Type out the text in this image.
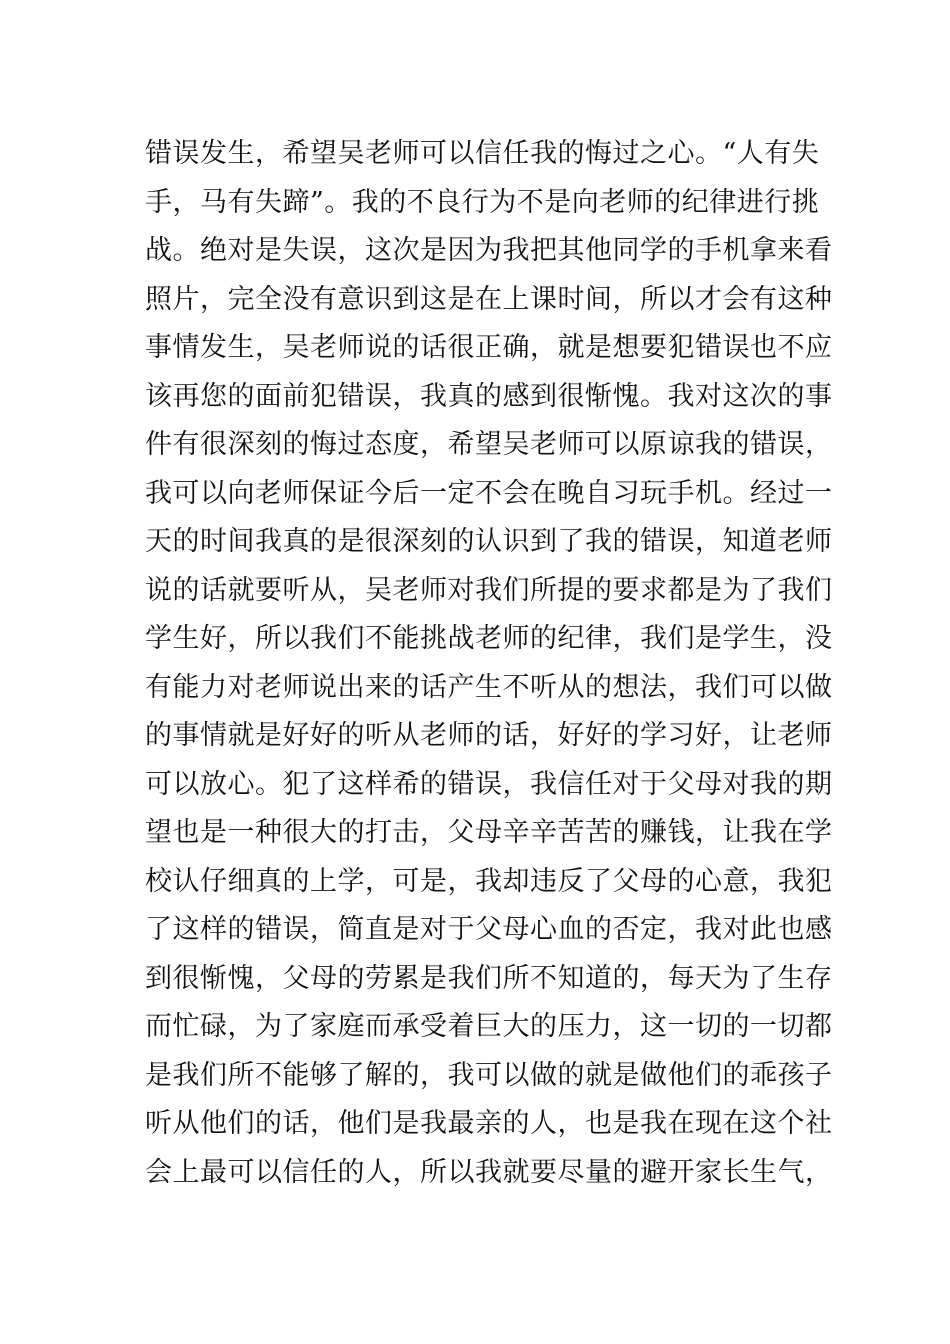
错误发生，希望吴老师可以信任我的悔过之心。“人有失
手，马有失蹄”。我的不良行为不是向老师的纪律进行挑
战。绝对是失误，这次是因为我把其他同学的手机拿来看
照片，完全没有意识到这是在上课时间，所以才会有这种
事情发生，吴老师说的话很正确，就是想要犯错误也不应
该再您的面前犯错误，我真的感到很惭愧。我对这次的事
件有很深刻的悔过态度，希望吴老师可以原谅我的错误，
我可以向老师保证今后一定不会在晚自习玩手机。经过一
天的时间我真的是很深刻的认识到了我的错误，知道老师
说的话就要听从，吴老师对我们所提的要求都是为了我们
学生好，所以我们不能挑战老师的纪律，我们是学生，没
有能力对老师说出来的话产生不听从的想法，我们可以做
的事情就是好好的听从老师的话，好好的学习好，让老师
可以放心。犯了这样希的错误，我信任对于父母对我的期
望也是一种很大的打击，父母辛辛苦苦的赚钱，让我在学
校认仔细真的上学，可是，我却违反了父母的心意，我犯
了这样的错误，简直是对于父母心血的否定，我对此也感
到很惭愧，父母的劳累是我们所不知道的，每天为了生存
而忙碌，为了家庭而承受着巨大的压力，这一切的一切都
是我们所不能够了解的，我可以做的就是做他们的乖孩子
听从他们的话，他们是我最亲的人，也是我在现在这个社
会上最可以信任的人，所以我就要尽量的避开家长生气，
